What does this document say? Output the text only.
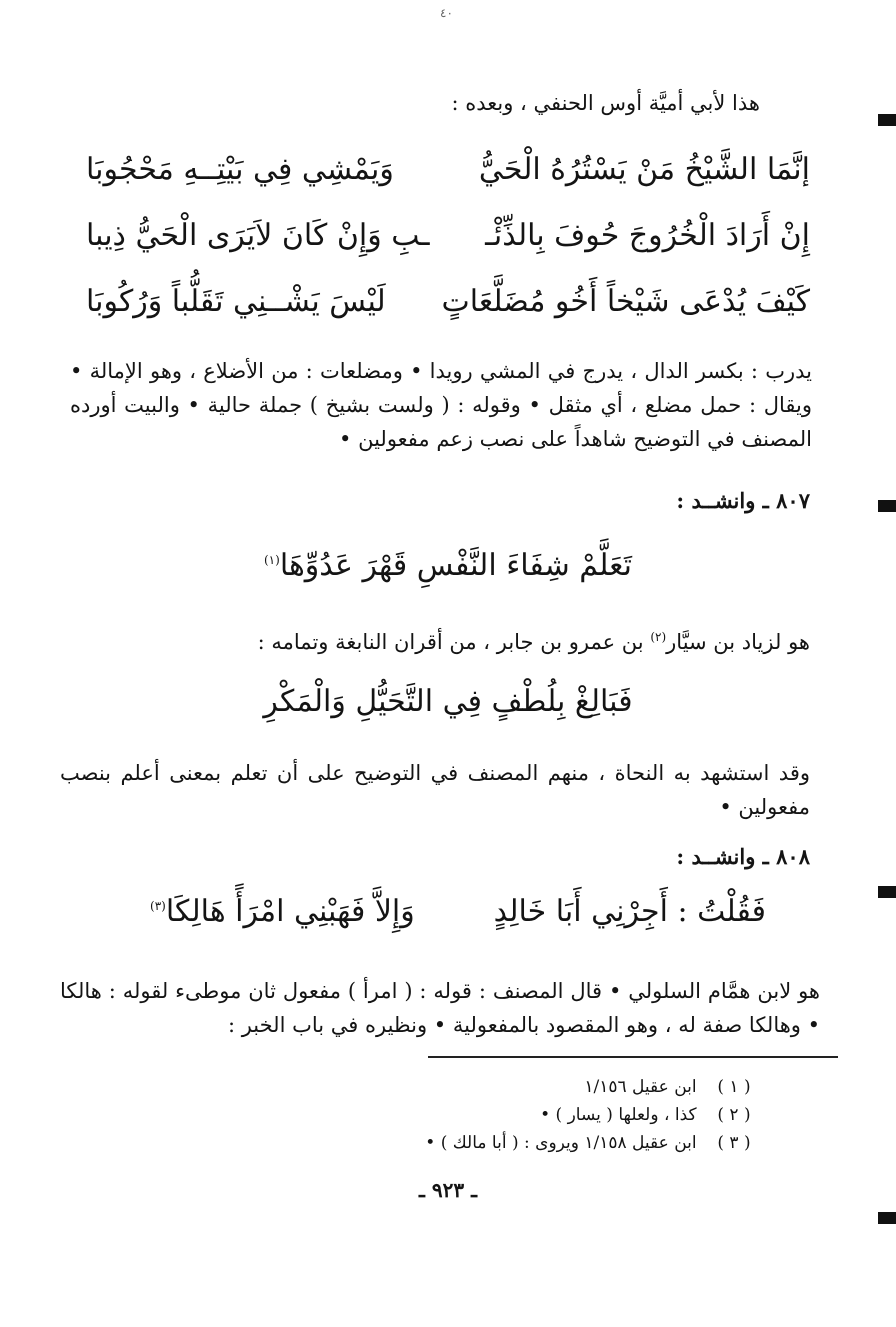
٤٠
هذا لأبي أميَّة أوس الحنفي ، وبعده :
إنَّمَا الشَّيْخُ مَنْ يَسْتُرُهُ الْحَيُّ
وَيَمْشِي فِي بَيْتِــهِ مَحْجُوبَا
إِنْ أَرَادَ الْخُرُوجَ حُوفَ بِالذِّئْـ
ـبِ وَإِنْ كَانَ لاَيَرَى الْحَيُّ ذِيبا
كَيْفَ يُدْعَى شَيْخاً أَخُو مُضَلَّعَاتٍ
لَيْسَ يَشْــنِي تَقَلُّباً وَرُكُوبَا
يدرب : بكسر الدال ، يدرج في المشي رويدا • ومضلعات : من الأضلاع ، وهو الإمالة • ويقال : حمل مضلع ، أي مثقل • وقوله : ( ولست بشيخ ) جملة حالية • والبيت أورده المصنف في التوضيح شاهداً على نصب زعم مفعولين •
٨٠٧ ـ وانشــد :
تَعَلَّمْ شِفَاءَ النَّفْسِ قَهْرَ عَدُوِّهَا$^{(١)}$
هو لزياد بن سيَّار$^{(٢)}$ بن عمرو بن جابر ، من أقران النابغة وتمامه :
فَبَالِغْ بِلُطْفٍ فِي التَّحَيُّلِ وَالْمَكْرِ
وقد استشهد به النحاة ، منهم المصنف في التوضيح على أن تعلم بمعنى أعلم بنصب مفعولين •
٨٠٨ ـ وانشــد :
فَقُلْتُ : أَجِرْنِي أَبَا خَالِدٍ
وَإِلاَّ فَهَبْنِي امْرَأً هَالِكَا$^{(٣)}$
هو لابن همَّام السلولي • قال المصنف : قوله : ( امرأ ) مفعول ثان موطىء لقوله : هالكا • وهالكا صفة له ، وهو المقصود بالمفعولية • ونظيره في باب الخبر :
( ١ ) ابن عقيل ١/١٥٦
( ٢ ) كذا ، ولعلها ( يسار ) •
( ٣ ) ابن عقيل ١/١٥٨ ويروى : ( أبا مالك ) •
ـ ٩٢٣ ـ
